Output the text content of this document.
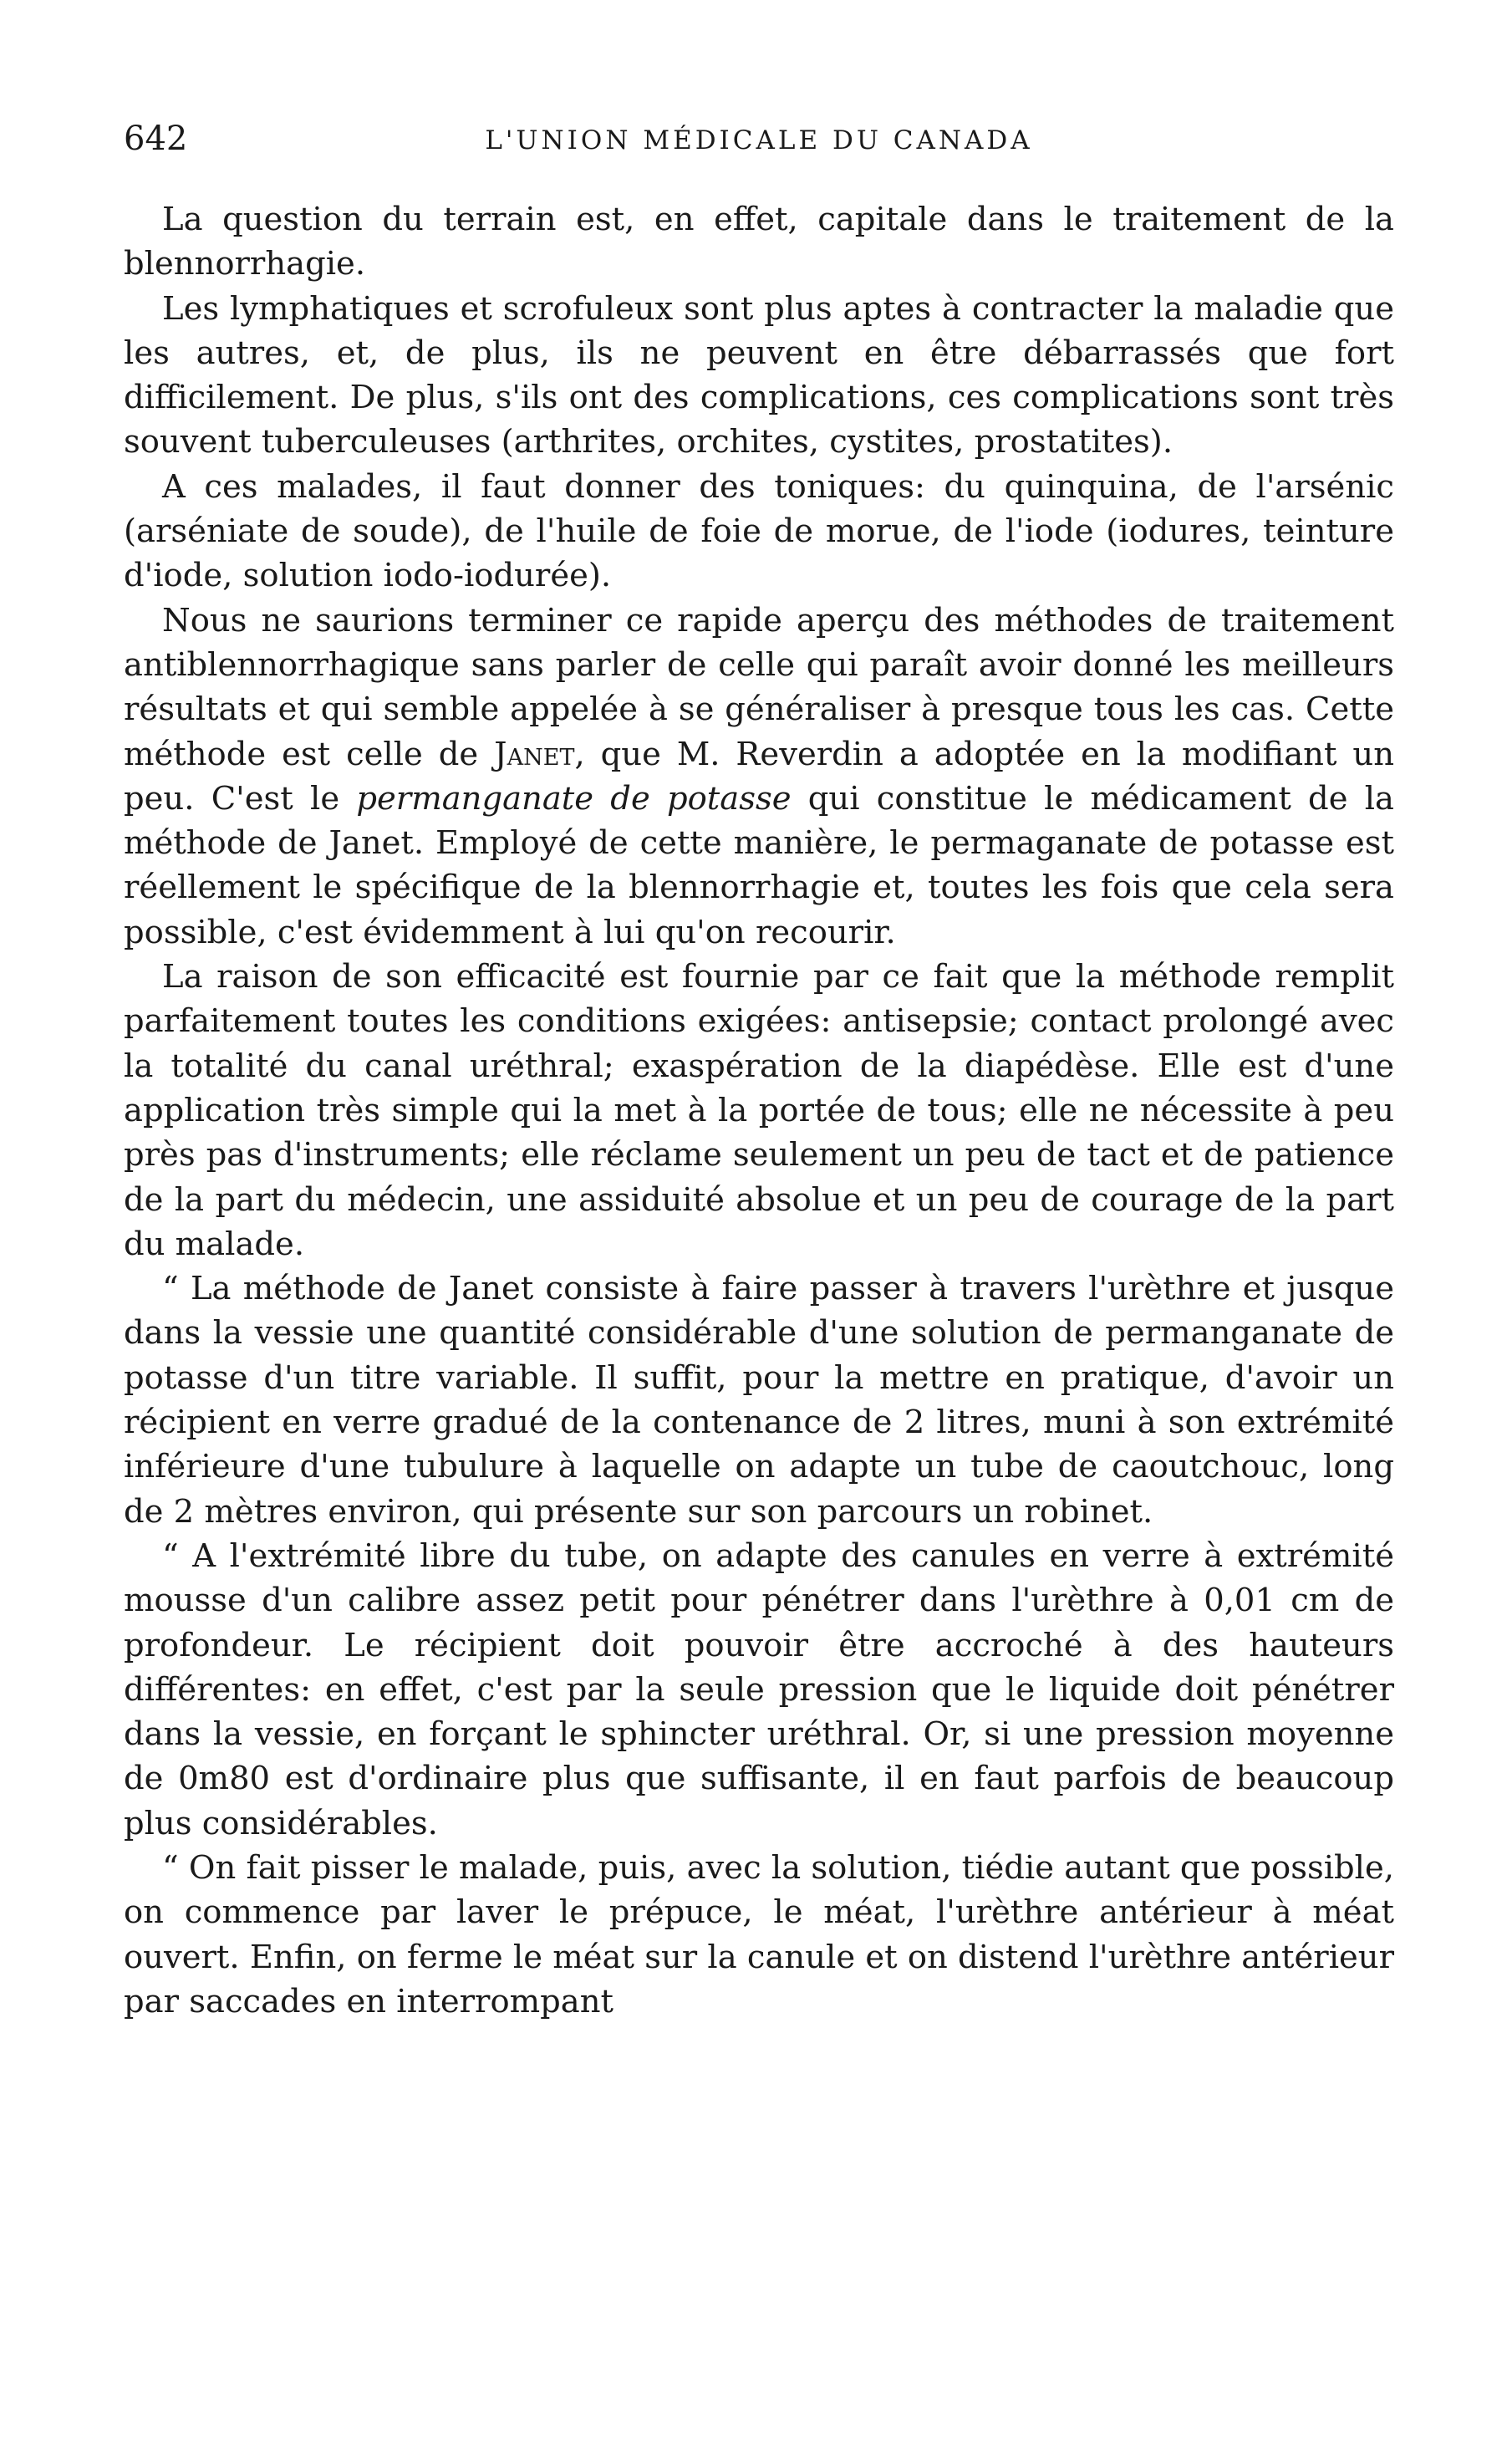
642	L'UNION MÉDICALE DU CANADA

La question du terrain est, en effet, capitale dans le traitement de la blennorrhagie.

Les lymphatiques et scrofuleux sont plus aptes à contracter la maladie que les autres, et, de plus, ils ne peuvent en être débarrassés que fort difficilement. De plus, s'ils ont des complications, ces complications sont très souvent tuberculeuses (arthrites, orchites, cystites, prostatites).

A ces malades, il faut donner des toniques: du quinquina, de l'arsénic (arséniate de soude), de l'huile de foie de morue, de l'iode (iodures, teinture d'iode, solution iodo-iodurée).

Nous ne saurions terminer ce rapide aperçu des méthodes de traitement antiblennorrhagique sans parler de celle qui paraît avoir donné les meilleurs résultats et qui semble appelée à se généraliser à presque tous les cas. Cette méthode est celle de Janet, que M. Reverdin a adoptée en la modifiant un peu. C'est le permanganate de potasse qui constitue le médicament de la méthode de Janet. Employé de cette manière, le permaganate de potasse est réellement le spécifique de la blennorrhagie et, toutes les fois que cela sera possible, c'est évidemment à lui qu'on recourir.

La raison de son efficacité est fournie par ce fait que la méthode remplit parfaitement toutes les conditions exigées: antisepsie; contact prolongé avec la totalité du canal uréthral; exaspération de la diapédèse. Elle est d'une application très simple qui la met à la portée de tous; elle ne nécessite à peu près pas d'instruments; elle réclame seulement un peu de tact et de patience de la part du médecin, une assiduité absolue et un peu de courage de la part du malade.

“ La méthode de Janet consiste à faire passer à travers l'urèthre et jusque dans la vessie une quantité considérable d'une solution de permanganate de potasse d'un titre variable. Il suffit, pour la mettre en pratique, d'avoir un récipient en verre gradué de la contenance de 2 litres, muni à son extrémité inférieure d'une tubulure à laquelle on adapte un tube de caoutchouc, long de 2 mètres environ, qui présente sur son parcours un robinet.

“ A l'extrémité libre du tube, on adapte des canules en verre à extrémité mousse d'un calibre assez petit pour pénétrer dans l'urèthre à 0,01 cm de profondeur. Le récipient doit pouvoir être accroché à des hauteurs différentes: en effet, c'est par la seule pression que le liquide doit pénétrer dans la vessie, en forçant le sphincter uréthral. Or, si une pression moyenne de 0m80 est d'ordinaire plus que suffisante, il en faut parfois de beaucoup plus considérables.

“ On fait pisser le malade, puis, avec la solution, tiédie autant que possible, on commence par laver le prépuce, le méat, l'urèthre antérieur à méat ouvert. Enfin, on ferme le méat sur la canule et on distend l'urèthre antérieur par saccades en interrompant
